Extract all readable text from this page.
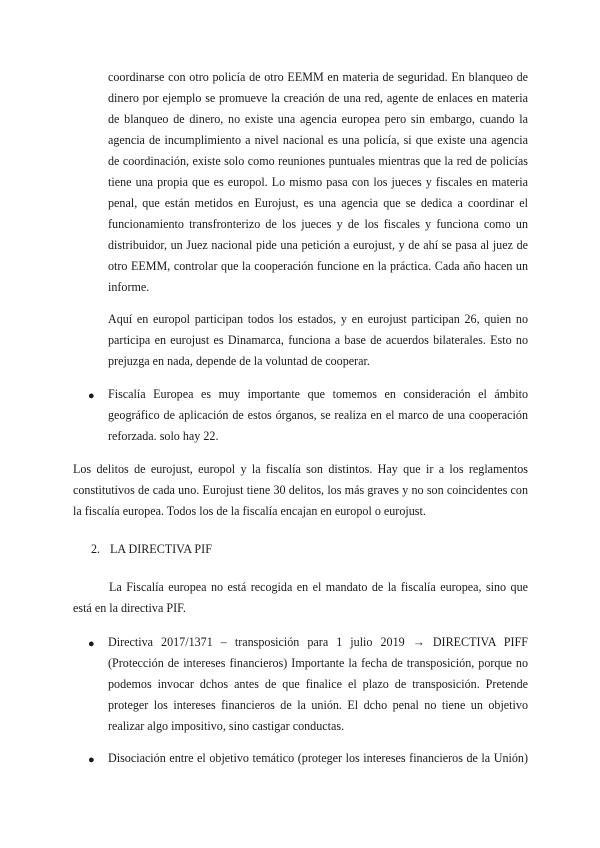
coordinarse con otro policía de otro EEMM en materia de seguridad. En blanqueo de
dinero por ejemplo se promueve la creación de una red, agente de enlaces en materia
de blanqueo de dinero, no existe una agencia europea pero sin embargo, cuando la
agencia de incumplimiento a nivel nacional es una policía, si que existe una agencia
de coordinación, existe solo como reuniones puntuales mientras que la red de policías
tiene una propia que es europol. Lo mismo pasa con los jueces y fiscales en materia
penal, que están metidos en Eurojust, es una agencia que se dedica a coordinar el
funcionamiento transfronterizo de los jueces y de los fiscales y funciona como un
distribuidor, un Juez nacional pide una petición a eurojust, y de ahí se pasa al juez de
otro EEMM, controlar que la cooperación funcione en la práctica. Cada año hacen un
informe.
Aquí en europol participan todos los estados, y en eurojust participan 26, quien no
participa en eurojust es Dinamarca, funciona a base de acuerdos bilaterales. Esto no
prejuzga en nada, depende de la voluntad de cooperar.
● Fiscalía Europea es muy importante que tomemos en consideración el ámbito
geográfico de aplicación de estos órganos, se realiza en el marco de una cooperación
reforzada. solo hay 22.
Los delitos de eurojust, europol y la fiscalía son distintos. Hay que ir a los reglamentos
constitutivos de cada uno. Eurojust tiene 30 delitos, los más graves y no son coincidentes con
la fiscalía europea. Todos los de la fiscalía encajan en europol o eurojust.
2. LA DIRECTIVA PIF
La Fiscalía europea no está recogida en el mandato de la fiscalía europea, sino que
está en la directiva PIF.
● Directiva 2017/1371 – transposición para 1 julio 2019 → DIRECTIVA PIFF
(Protección de intereses financieros) Importante la fecha de transposición, porque no
podemos invocar dchos antes de que finalice el plazo de transposición. Pretende
proteger los intereses financieros de la unión. El dcho penal no tiene un objetivo
realizar algo impositivo, sino castigar conductas.
● Disociación entre el objetivo temático (proteger los intereses financieros de la Unión)
